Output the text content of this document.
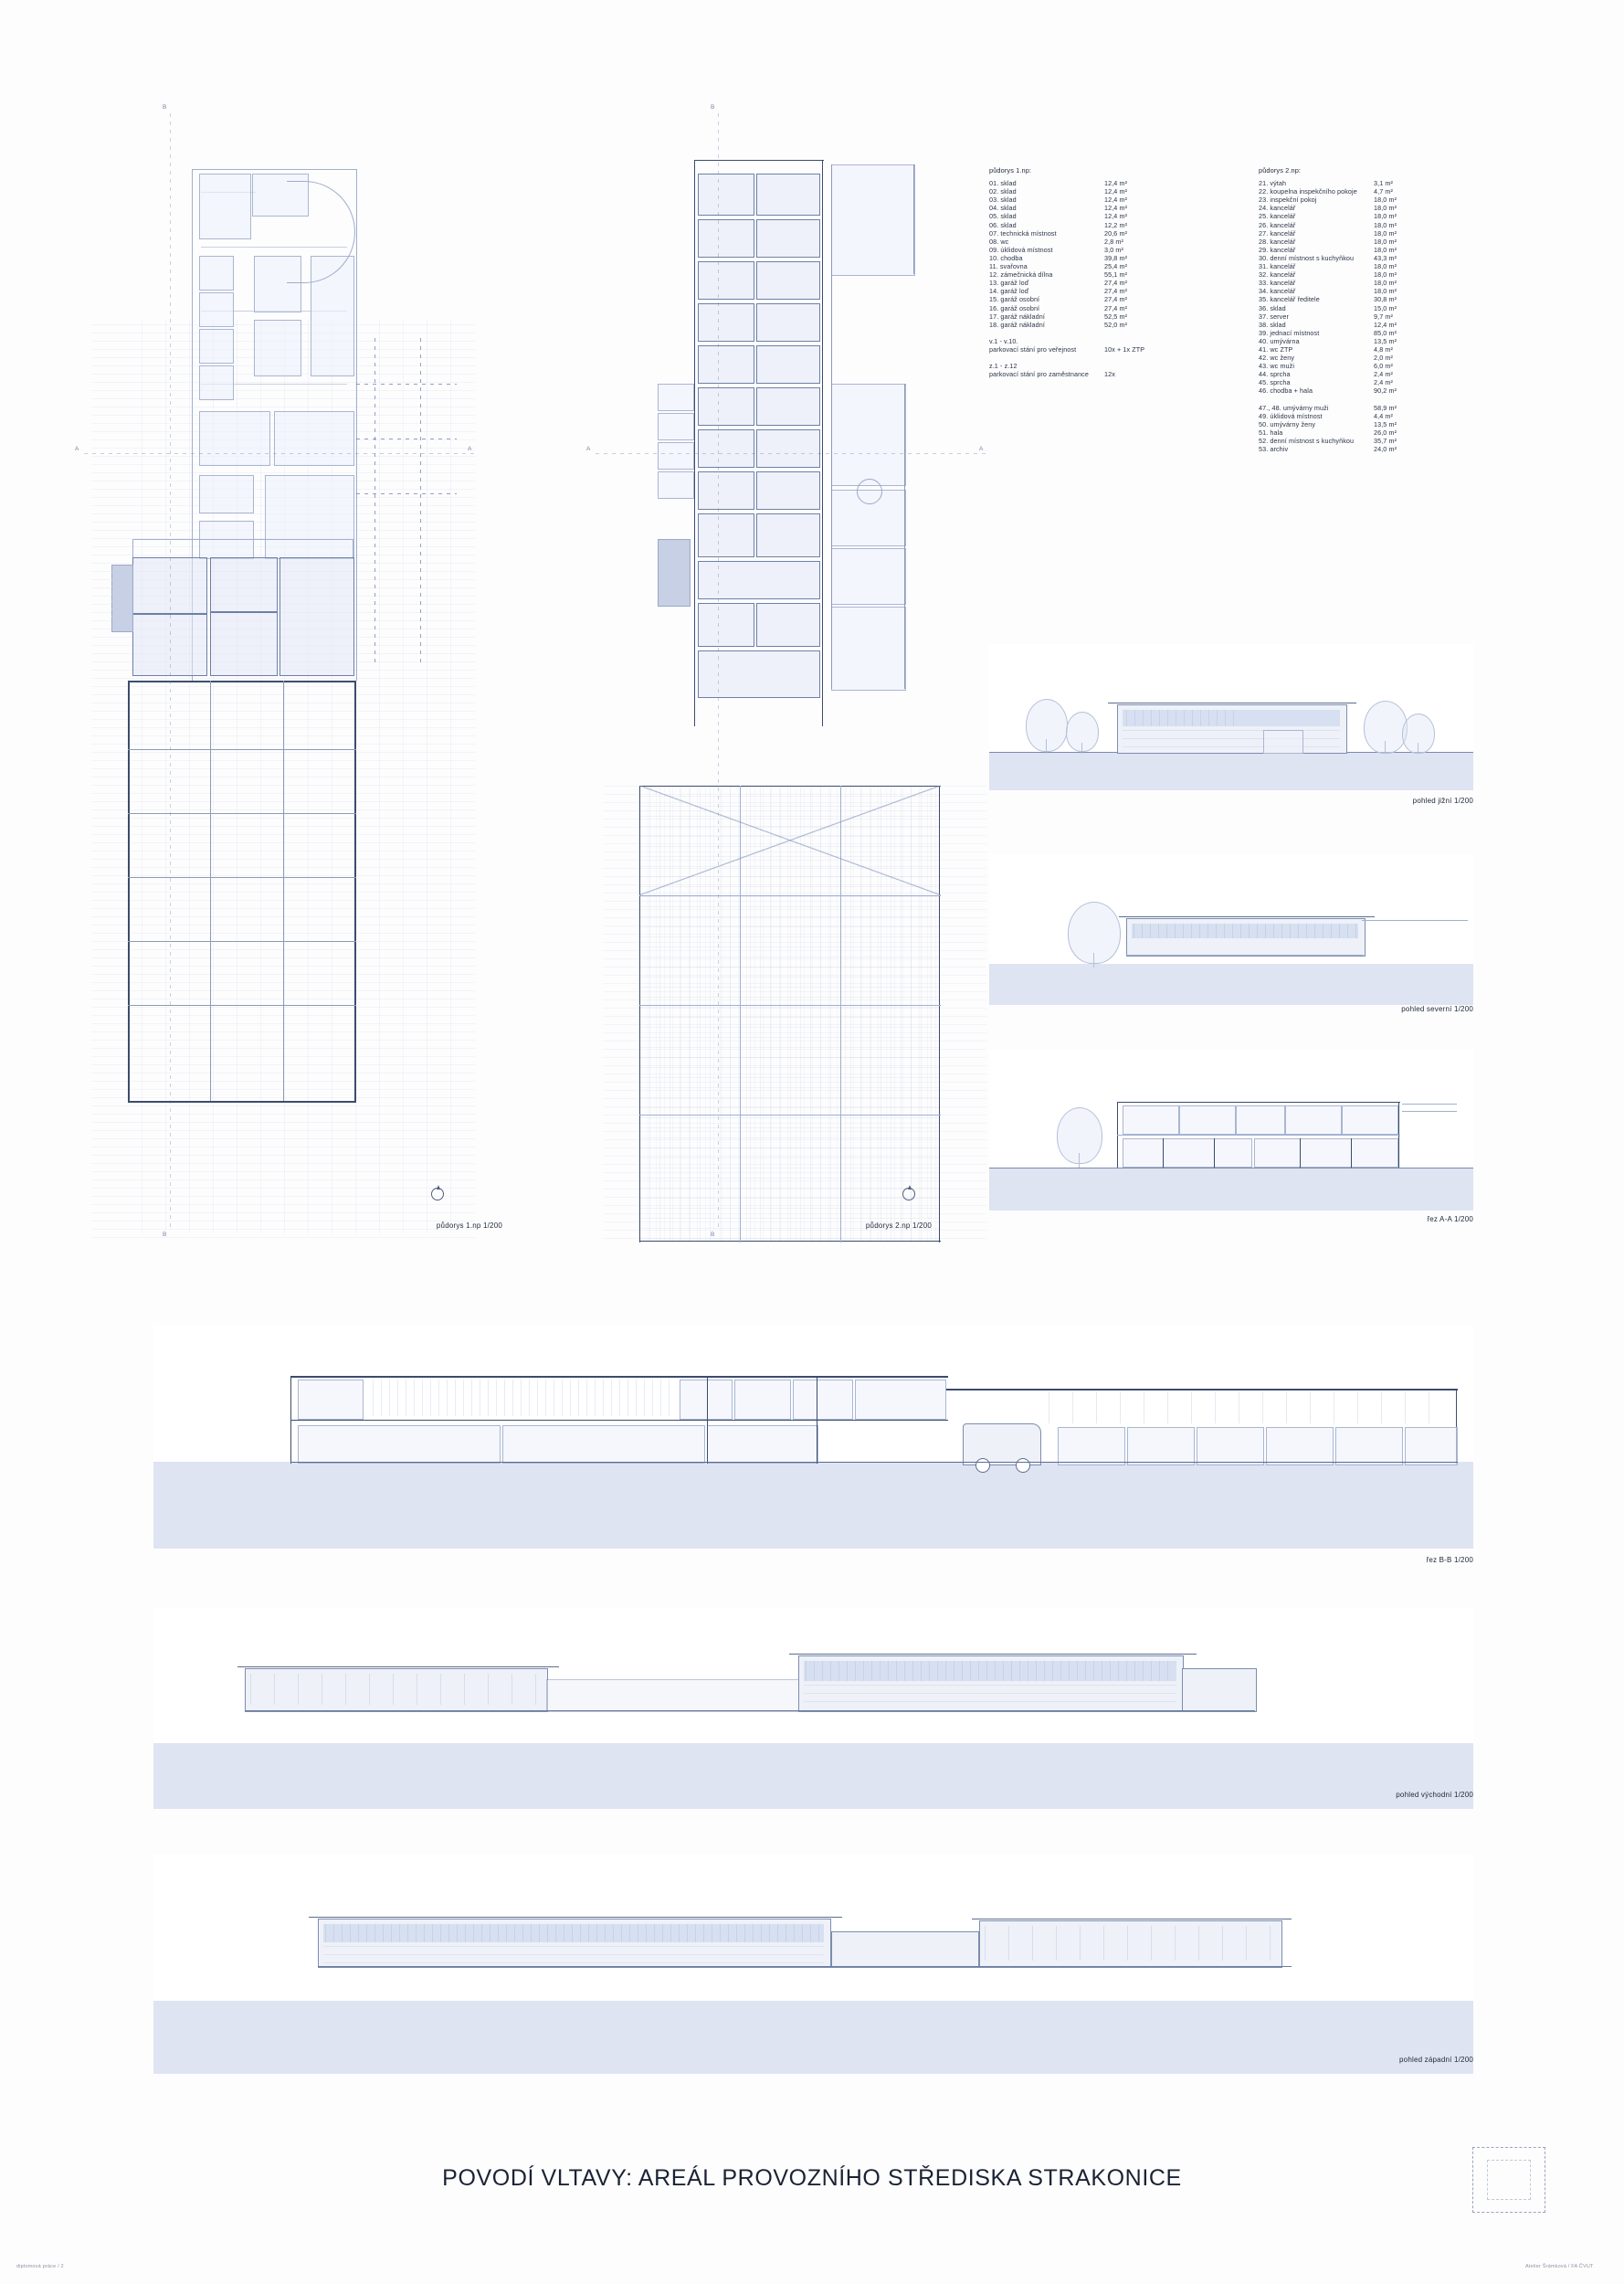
půdorys 1.np:
01. sklad	12,4 m²
02. sklad	12,4 m²
03. sklad	12,4 m²
04. sklad	12,4 m²
05. sklad	12,4 m²
06. sklad	12,2 m²
07. technická místnost	20,6 m²
08. wc	2,8 m²
09. úklidová místnost	3,0 m²
10. chodba	39,8 m²
11. svařovna	25,4 m²
12. zámečnická dílna	55,1 m²
13. garáž loď	27,4 m²
14. garáž loď	27,4 m²
15. garáž osobní	27,4 m²
16. garáž osobní	27,4 m²
17. garáž nákladní	52,5 m²
18. garáž nákladní	52,0 m²
v.1 - v.10.
parkovací stání pro veřejnost	10x + 1x ZTP
z.1 - z.12
parkovací stání pro zaměstnance	12x
půdorys 2.np:
21. výtah	3,1 m²
22. koupelna inspekčního pokoje	4,7 m²
23. inspekční pokoj	18,0 m²
24. kancelář	18,0 m²
25. kancelář	18,0 m²
26. kancelář	18,0 m²
27. kancelář	18,0 m²
28. kancelář	18,0 m²
29. kancelář	18,0 m²
30. denní místnost s kuchyňkou	43,3 m²
31. kancelář	18,0 m²
32. kancelář	18,0 m²
33. kancelář	18,0 m²
34. kancelář	18,0 m²
35. kancelář ředitele	30,8 m²
36. sklad	15,0 m²
37. server	9,7 m²
38. sklad	12,4 m²
39. jednací místnost	85,0 m²
40. umývárna	13,5 m²
41. wc ZTP	4,8 m²
42. wc ženy	2,0 m²
43. wc muži	6,0 m²
44. sprcha	2,4 m²
45. sprcha	2,4 m²
46. chodba + hala	90,2 m²
47., 48. umývárny muži	58,9 m²
49. úklidová místnost	4,4 m²
50. umývárny ženy	13,5 m²
51. hala	26,0 m²
52. denní místnost s kuchyňkou	35,7 m²
53. archiv	24,0 m²
B
B
A	A
půdorys 1.np 1/200
B
B
A	A
půdorys 2.np 1/200
pohled jižní 1/200
pohled severní 1/200
řez A-A 1/200
řez B-B 1/200
pohled východní 1/200
pohled západní 1/200
POVODÍ VLTAVY: AREÁL PROVOZNÍHO STŘEDISKA STRAKONICE
diplomová práce / 2	Atelier Šrámková / FA ČVUT
